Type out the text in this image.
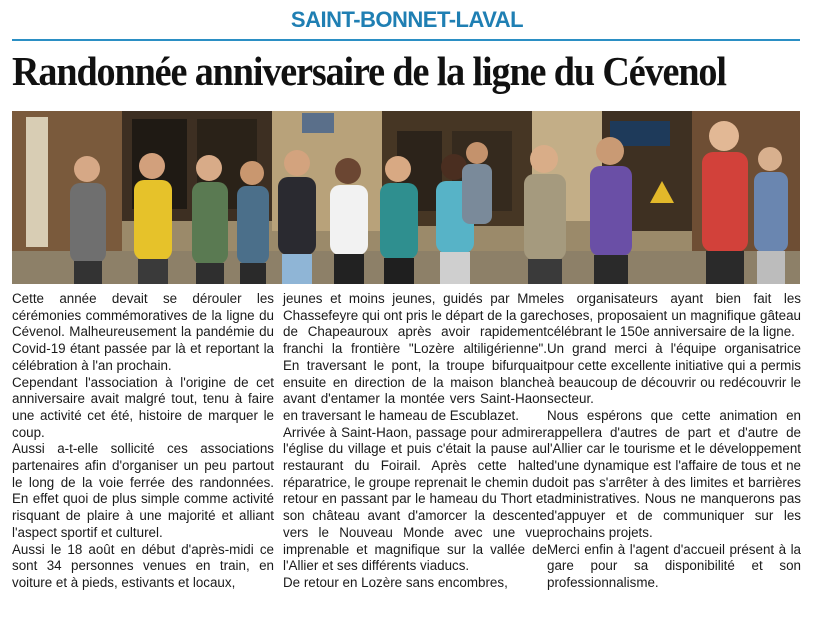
SAINT-BONNET-LAVAL
Randonnée anniversaire de la ligne du Cévenol

Cette année devait se dérouler les cérémonies commémoratives de la ligne du Cévenol. Malheureusement la pandémie du Covid-19 étant passée par là et reportant la célébration à l'an prochain.

Cependant l'association à l'origine de cet anniversaire avait malgré tout, tenu à faire une activité cet été, histoire de marquer le coup.

Aussi a-t-elle sollicité ces associations partenaires afin d'organiser un peu partout le long de la voie ferrée des randonnées. En effet quoi de plus simple comme activité risquant de plaire à une majorité et alliant l'aspect sportif et culturel.

Aussi le 18 août en début d'après-midi ce sont 34 personnes venues en train, en voiture et à pieds, estivants et locaux,

jeunes et moins jeunes, guidés par Mme Chassefeyre qui ont pris le départ de la gare de Chapeauroux après avoir rapidement franchi la frontière "Lozère altiligérienne". En traversant le pont, la troupe bifurquait ensuite en direction de la maison blanche avant d'entamer la montée vers Saint-Haon en traversant le hameau de Escublazet.

Arrivée à Saint-Haon, passage pour admirer l'église du village et puis c'était la pause au restaurant du Foirail. Après cette halte réparatrice, le groupe reprenait le chemin du retour en passant par le hameau du Thort et son château avant d'amorcer la descente vers le Nouveau Monde avec une vue imprenable et magnifique sur la vallée de l'Allier et ses différents viaducs.

De retour en Lozère sans encombres,

les organisateurs ayant bien fait les choses, proposaient un magnifique gâteau célébrant le 150e anniversaire de la ligne.

Un grand merci à l'équipe organisatrice pour cette excellente initiative qui a permis à beaucoup de découvrir ou redécouvrir le secteur.

Nous espérons que cette animation en appellera d'autres de part et d'autre de l'Allier car le tourisme et le développement d'une dynamique est l'affaire de tous et ne doit pas s'arrêter à des limites et barrières administratives. Nous ne manquerons pas d'appuyer et de communiquer sur les prochains projets.

Merci enfin à l'agent d'accueil présent à la gare pour sa disponibilité et son professionnalisme.
